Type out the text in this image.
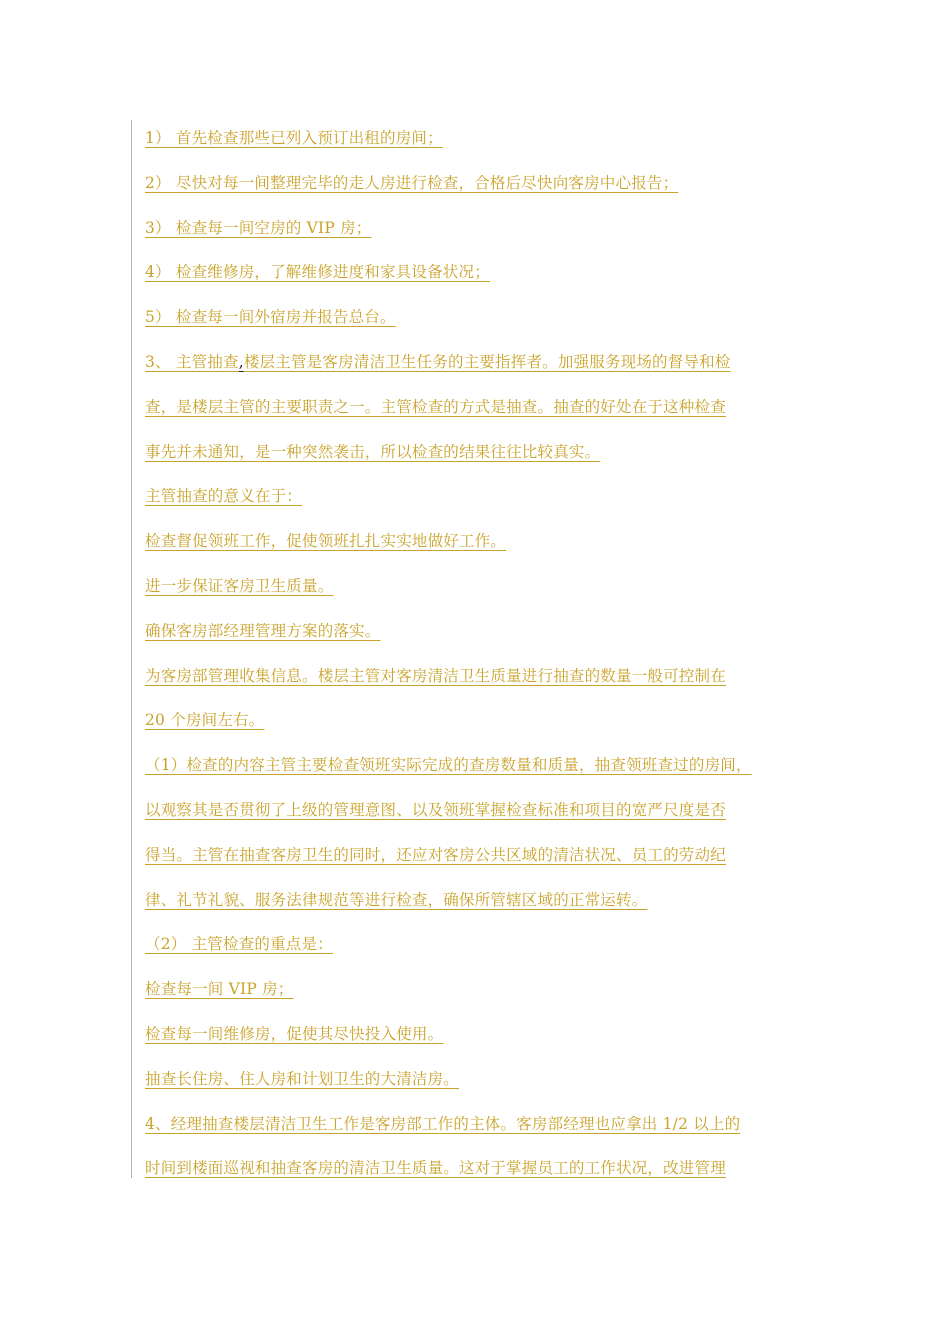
1） 首先检查那些已列入预订出租的房间；
2） 尽快对每一间整理完毕的走人房进行检查，合格后尽快向客房中心报告；
3） 检查每一间空房的 VIP 房；
4） 检查维修房，了解维修进度和家具设备状况；
5） 检查每一间外宿房并报告总台。
3、 主管抽查,楼层主管是客房清洁卫生任务的主要指挥者。加强服务现场的督导和检
查，是楼层主管的主要职责之一。主管检查的方式是抽查。抽查的好处在于这种检查
事先并未通知，是一种突然袭击，所以检查的结果往往比较真实。
主管抽查的意义在于：
检查督促领班工作，促使领班扎扎实实地做好工作。
进一步保证客房卫生质量。
确保客房部经理管理方案的落实。
为客房部管理收集信息。楼层主管对客房清洁卫生质量进行抽查的数量一般可控制在
20 个房间左右。
（1）检查的内容主管主要检查领班实际完成的查房数量和质量，抽查领班查过的房间，
以观察其是否贯彻了上级的管理意图、以及领班掌握检查标准和项目的宽严尺度是否
得当。主管在抽查客房卫生的同时，还应对客房公共区域的清洁状况、员工的劳动纪
律、礼节礼貌、服务法律规范等进行检查，确保所管辖区域的正常运转。
（2） 主管检查的重点是：
检查每一间 VIP 房；
检查每一间维修房，促使其尽快投入使用。
抽查长住房、住人房和计划卫生的大清洁房。
4、经理抽查楼层清洁卫生工作是客房部工作的主体。客房部经理也应拿出 1/2 以上的
时间到楼面巡视和抽查客房的清洁卫生质量。这对于掌握员工的工作状况，改进管理
